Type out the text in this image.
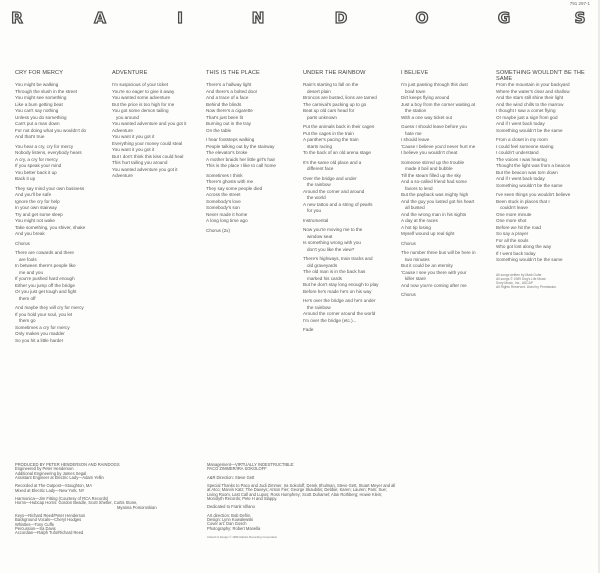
791 297-1
R	A	I	N	D	O	G	S
CRY FOR MERCY
You might be walking
Through the slush in the street
You might see something
Like a bum getting beat
You can't say nothing
Unless you do something
Can't put a man down
For not doing what you wouldn't do
And that's true
You hear a cry, cry for mercy
Nobody listens, everybody hears
A cry, a cry for mercy
If you speak your mind
You better back it up
Back it up
They say mind your own business
And you'll be safe
Ignore the cry for help
In your own stairway
Try and get some sleep
You might not wake
Take something, you shiver, shake
And you break
Chorus
There are cowards and there
are fools
In between there's people like
me and you
If you're pushed hard enough
Either you jump off the bridge
Or you just get tough and fight
them off
And maybe they will cry for mercy
If you hold your soul, you let
them go
Sometimes a cry for mercy
Only makes you madder
So you hit a little harder
ADVENTURE
I'm suspicious of your ticket
You're so eager to give it away
You wanted some adventure
But the price is too high for me
You got some demon tailing
you around
You wanted adventure and you got it
Adventure
You want it you got it
Everything your money could steal
You want it you got it
But I don't think this kiss could heal
This hurt tailing you around
You wanted adventure you got it
Adventure
THIS IS THE PLACE
There's a hallway light
And there's a bolted door
And a trace of a face
Behind the blinds
Now there's a cigarette
That's just been lit
Burning out in the tray
On the table
I hear footsteps walking
People talking out by the stairway
The elevator's broke
A mother braids her little girl's hair
This is the place I like to call home
Sometimes I think
There's ghosts with me
They say some people died
Across the street
Somebody's love
Somebody's son
Never made it home
A long long time ago
Chorus (2x)
UNDER THE RAINBOW
Rain's starting to fall on the
desert plain
Broncos are busted, lions are tamed
The carnival's packing up to go
Beat up old cars head for
parts unknown
Put the animals back in their cages
Put the cages in the train
A panther's pacing the train
starts racing
To the back of an old arena stage
It's the same old place and a
different face
Over the bridge and under
the rainbow
Around the corner and around
the world
A new tattoo and a string of pearls
for you
Instrumental
Now you're moving me to the
window seat
Is something wrong with you
don't you like the view?
There's highways, train tracks and
old graveyards
The old man is in the back has
marked his cards
But he don't stay long enough to play
Before he's made he's on his way
He's over the bridge and he's under
the rainbow
Around the corner around the world
I'm over the bridge (etc.)...
Fade
I BELIEVE
I'm just passing through this dust
bowl town
Dirt keeps flying around
Just a boy from the corner waiting at
the station
With a one way ticket out
Guess I should leave before you
hate me
I should leave
'Cause I believe you'd never hurt me
I believe you wouldn't cheat
Someone stirred up the trouble
made it boil and bubble
Till the steam filled up the sky
And a so-called friend had some
favors to lend
But the payback was mighty high
And the guy you lusted got his heart
all busted
And the wrong man in his sights
A day at the races
A hot tip losing
Myself wound up real tight
Chorus
The number three bus will be here in
two minutes
But it could be an eternity
'Cause I see you there with your
killer stare
And now you're coming after me
Chorus
SOMETHING WOULDN'T BE THE SAME
From the mountain in your backyard
Where the water's clear and shallow
And the stars still shine their light
And the wind chills to the marrow
I thought I saw a comet flying
Or maybe just a sign from god
And if I went back today
Something wouldn't be the same
From a closet in my room
I could feel someone staring
I couldn't understand
The voices I was hearing
Thought the light was from a beacon
But the beacon was torn down
And if I went back today
Something wouldn't be the same
I've seen things you wouldn't believe
Been stuck in places that I
couldn't leave
One more minute
One more shot
Before we hit the road
So say a prayer
For all the souls
Who got lost along the way
If I went back today
Something wouldn't be the same
All songs written by Mark Dufer
All songs © 1989 Dog's Life Music
Sony Music, Inc., ASCAP
All Rights Reserved. Used by Permission.
PRODUCED BY PETER HENDERSON AND RAINDOGS
Engineered by Peter Henderson
Additional Engineering by James Segal
Assistant Engineer at Electric Lady—Adam Yellin
Recorded at The Outpost—Stoughton, MA
Mixed at Electric Lady—New York, NY
Harmonica—Jim Fitting (Courtesy of RCA Records)
Horns—Hubcap Horns: Gordon Beadle, Scott Shetler, Curtis Stone,
Myanna Pomoroskian
Keys—Richard Reed/Peter Henderson
Background Vocals—Cheryl Hodges
Whistles—Tony Cuffe
Percussion—Sa Davis
Accordian—Ralph Tufo/Richard Reed
Management—VIRTUALLY INDESTRUCTIBLE:
PACO ZIMMER/IRA SOKOLOFF
A&R Direction: Steve Gett
Special Thanks to Paco and Judi Zimmer, Ira Sokoloff, Derek Shulman, Steve Gett, Stuart Meyer and all at Atco; Marvin Katz; The Daveys; Anton Fier; George Skaubitis; Debbie; Karen; Lauren; Pam; Sue; Living Room, Last Call and Lupos; Ross Humphrey; Scott Duhamel; Alan Rothberg; Howie Klein; Monolyth Records; Pete H and Slappy.
Dedicated to Frank Villano
Art direction: Bob Defrin
Design: Lynn Kowalewski
Cover art: Dan Gosch
Photography: Robert Manella
Artwork & Design © 1989 Atlantic Recording Corporation
